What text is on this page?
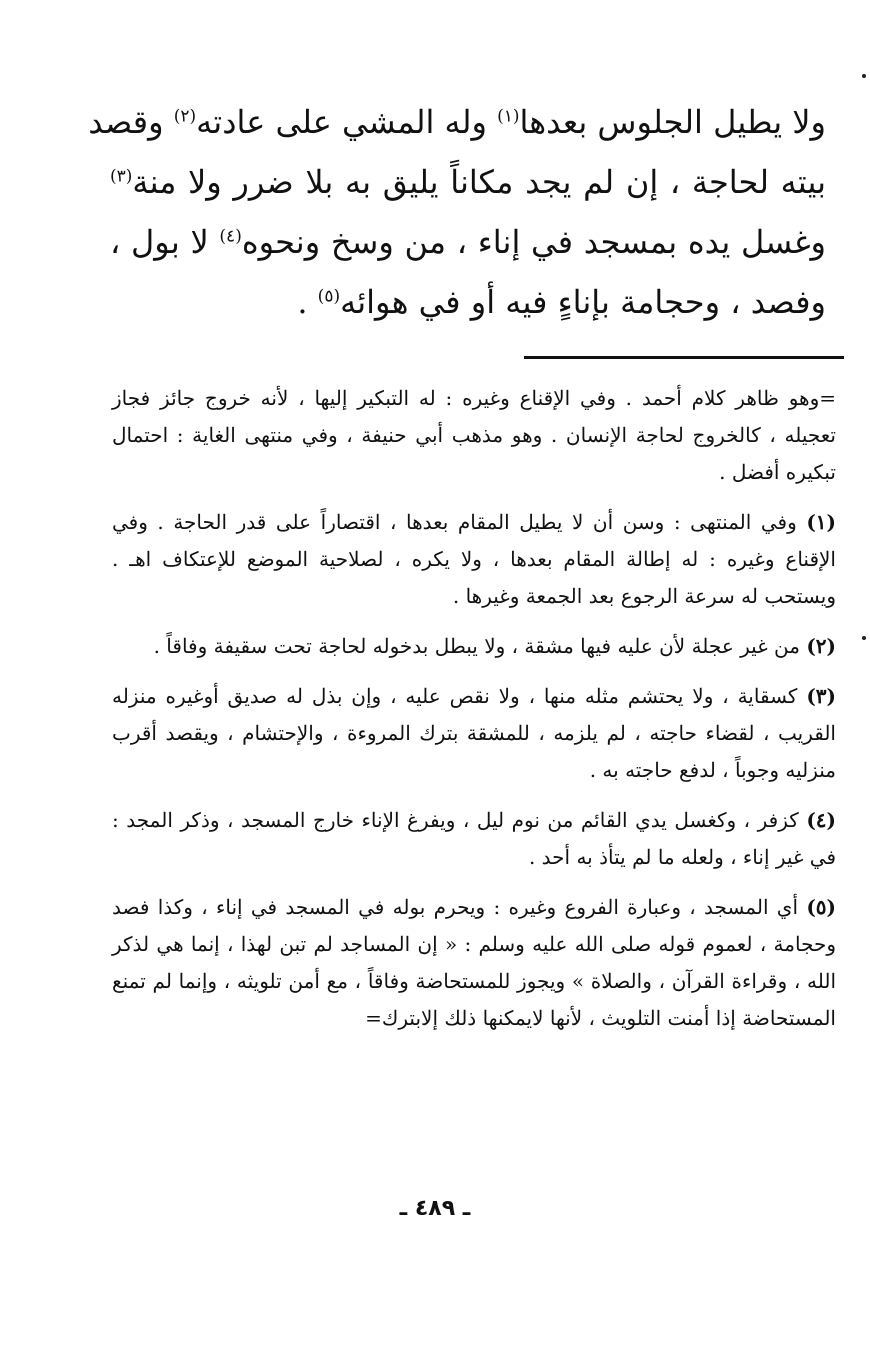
ولا يطيل الجلوس بعدها$^{(١)}$ وله المشي على عادته$^{(٢)}$ وقصد
بيته لحاجة ، إن لم يجد مكاناً يليق به بلا ضرر ولا منة$^{(٣)}$
وغسل يده بمسجد في إناء ، من وسخ ونحوه$^{(٤)}$ لا بول ،
وفصد ، وحجامة بإناءٍ فيه أو في هوائه$^{(٥)}$ .

=وهو ظاهر كلام أحمد . وفي الإقناع وغيره : له التبكير إليها ، لأنه خروج جائز فجاز تعجيله ، كالخروج لحاجة الإنسان . وهو مذهب أبي حنيفة ، وفي منتهى الغاية : احتمال تبكيره أفضل .

(١) وفي المنتهى : وسن أن لا يطيل المقام بعدها ، اقتصاراً على قدر الحاجة . وفي الإقناع وغيره : له إطالة المقام بعدها ، ولا يكره ، لصلاحية الموضع للإعتكاف اهـ . ويستحب له سرعة الرجوع بعد الجمعة وغيرها .

(٢) من غير عجلة لأن عليه فيها مشقة ، ولا يبطل بدخوله لحاجة تحت سقيفة وفاقاً .

(٣) كسقاية ، ولا يحتشم مثله منها ، ولا نقص عليه ، وإن بذل له صديق أوغيره منزله القريب ، لقضاء حاجته ، لم يلزمه ، للمشقة بترك المروءة ، والإحتشام ، ويقصد أقرب منزليه وجوباً ، لدفع حاجته به .

(٤) كزفر ، وكغسل يدي القائم من نوم ليل ، ويفرغ الإناء خارج المسجد ، وذكر المجد : في غير إناء ، ولعله ما لم يتأذ به أحد .

(٥) أي المسجد ، وعبارة الفروع وغيره : ويحرم بوله في المسجد في إناء ، وكذا فصد وحجامة ، لعموم قوله صلى الله عليه وسلم : « إن المساجد لم تبن لهذا ، إنما هي لذكر الله ، وقراءة القرآن ، والصلاة » ويجوز للمستحاضة وفاقاً ، مع أمن تلويثه ، وإنما لم تمنع المستحاضة إذا أمنت التلويث ، لأنها لايمكنها ذلك إلابترك=

ـ ٤٨٩ ـ
